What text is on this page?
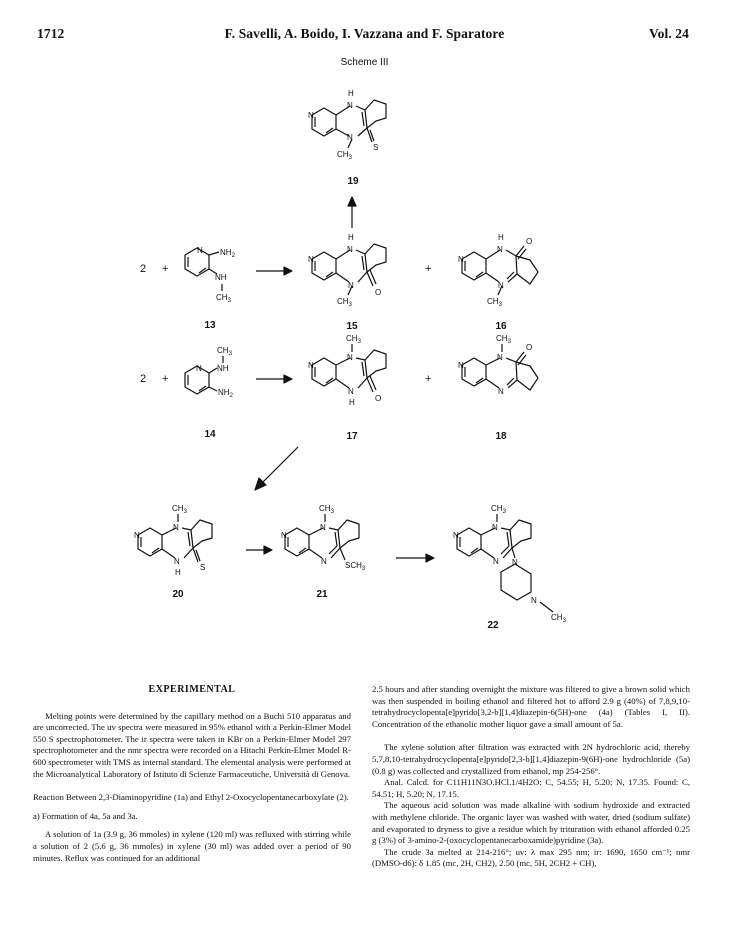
1712	F. Savelli, A. Boido, I. Vazzana and F. Sparatore	Vol. 24
Scheme III
N
H
N
N
$CH_3$
S
N $NH_2$
NH
$CH_3$
N
H
N
N
$CH_3$
O
N
H
N
N
$CH_3$
O
N
$CH_3$
NH
$NH_2$
$CH_3$
N
N
N
H	O
$CH_3$
N
N
N
O
$CH_3$
N
N
N
H
S
$CH_3$
N
N
N $SCH_3$
$CH_3$
N
N
N N
N
$CH_3$
2 +	+
2 +	+
19
13	15	16
14	17	18
20	21
22

EXPERIMENTAL

Melting points were determined by the capillary method on a Buchi 510 apparatus and are uncorrected. The uv spectra were measured in 95% ethanol with a Perkin-Elmer Model 550 S spectrophotometer. The ir spectra were taken in KBr on a Perkin-Elmer Model 297 spectrophotometer and the nmr spectra were recorded on a Hitachi Perkin-Elmer Model R-600 spectrometer with TMS as internal standard. The elemental analysis were performed at the Microanalytical Laboratory of Istituto di Scienze Farmaceutiche, Università di Genova.

Reaction Between 2,3-Diaminopyridine (1a) and Ethyl 2-Oxocyclopentanecarboxylate (2).

a) Formation of 4a, 5a and 3a.

A solution of 1a (3.9 g, 36 mmoles) in xylene (120 ml) was refluxed with stirring while a solution of 2 (5.6 g, 36 mmoles) in xylene (30 ml) was added over a period of 90 minutes. Reflux was continued for an additional

2.5 hours and after standing overnight the mixture was filtered to give a brown solid which was then suspended in boiling ethanol and filtered hot to afford 2.9 g (40%) of 7,8,9,10-tetrahydrocyclopenta[e]pyrido[3,2-b][1,4]diazepin-6(5H)-one (4a) (Tables I, II). Concentration of the ethanolic mother liquor gave a small amount of 5a.

The xylene solution after filtration was extracted with 2N hydrochloric acid, thereby 5,7,8,10-tetrahydrocyclopenta[e]pyrido[2,3-b][1,4]diazepin-9(6H)-one hydrochloride (5a) (0.8 g) was collected and crystallized from ethanol, mp 254-256°.

Anal. Calcd. for C11H11N3O.HCl.1/4H2O: C, 54.55; H, 5.20; N, 17.35. Found: C, 54.51; H, 5.20; N, 17.15.

The aqueous acid solution was made alkaline with sodium hydroxide and extracted with methylene chloride. The organic layer was washed with water, dried (sodium sulfate) and evaporated to dryness to give a residue which by trituration with ethanol afforded 0.25 g (3%) of 3-amino-2-(oxocyclopentanecarboxamide)pyridine (3a).

The crude 3a melted at 214-216°; uv: λ max 295 nm; ir: 1690, 1650 cm⁻¹; nmr (DMSO-d6): δ 1.85 (mc, 2H, CH2), 2.50 (mc, 5H, 2CH2 + CH),
